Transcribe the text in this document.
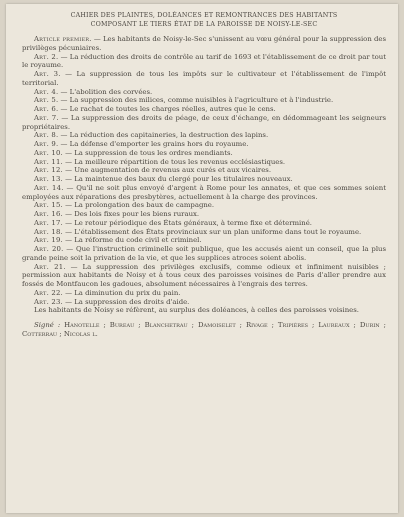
CAHIER DES PLAINTES, DOLÉANCES ET REMONTRANCES DES HABITANTS
COMPOSANT LE TIERS ÉTAT DE LA PAROISSE DE NOISY-LE-SEC

Article premier. — Les habitants de Noisy-le-Sec s'unissent au vœu général pour la suppression des privilèges pécuniaires.

Art. 2. — La réduction des droits de contrôle au tarif de 1693 et l'établissement de ce droit par tout le royaume.

Art. 3. — La suppression de tous les impôts sur le cultivateur et l'établissement de l'impôt territorial.

Art. 4. — L'abolition des corvées.

Art. 5. — La suppression des milices, comme nuisibles à l'agriculture et à l'industrie.

Art. 6. — Le rachat de toutes les charges réelles, autres que le cens.

Art. 7. — La suppression des droits de péage, de ceux d'échange, en dédommageant les seigneurs propriétaires.

Art. 8. — La réduction des capitaineries, la destruction des lapins.

Art. 9. — La défense d'emporter les grains hors du royaume.

Art. 10. — La suppression de tous les ordres mendiants.

Art. 11. — La meilleure répartition de tous les revenus ecclésiastiques.

Art. 12. — Une augmentation de revenus aux curés et aux vicaires.

Art. 13. — La maintenue des baux du clergé pour les titulaires nouveaux.

Art. 14. — Qu'il ne soit plus envoyé d'argent à Rome pour les annates, et que ces sommes soient employées aux réparations des presbytères, actuellement à la charge des provinces.

Art. 15. — La prolongation des baux de campagne.

Art. 16. — Des lois fixes pour les biens ruraux.

Art. 17. — Le retour périodique des États généraux, à terme fixe et déterminé.

Art. 18. — L'établissement des États provinciaux sur un plan uniforme dans tout le royaume.

Art. 19. — La réforme du code civil et criminel.

Art. 20. — Que l'instruction criminelle soit publique, que les accusés aient un conseil, que la plus grande peine soit la privation de la vie, et que les supplices atroces soient abolis.

Art. 21. — La suppression des privilèges exclusifs, comme odieux et infiniment nuisibles ; permission aux habitants de Noisy et à tous ceux des paroisses voisines de Paris d'aller prendre aux fossés de Montfaucon les gadoues, absolument nécessaires à l'engrais des terres.

Art. 22. — La diminution du prix du pain.

Art. 23. — La suppression des droits d'aide.

Les habitants de Noisy se réfèrent, au surplus des doléances, à celles des paroisses voisines.

Signé : Hanotelle ; Bureau ; Blanchetrau ; Damoiselet ; Rivage ; Tripières ; Laureaux ; Durin ; Cotterrau ; Nicolas l.
